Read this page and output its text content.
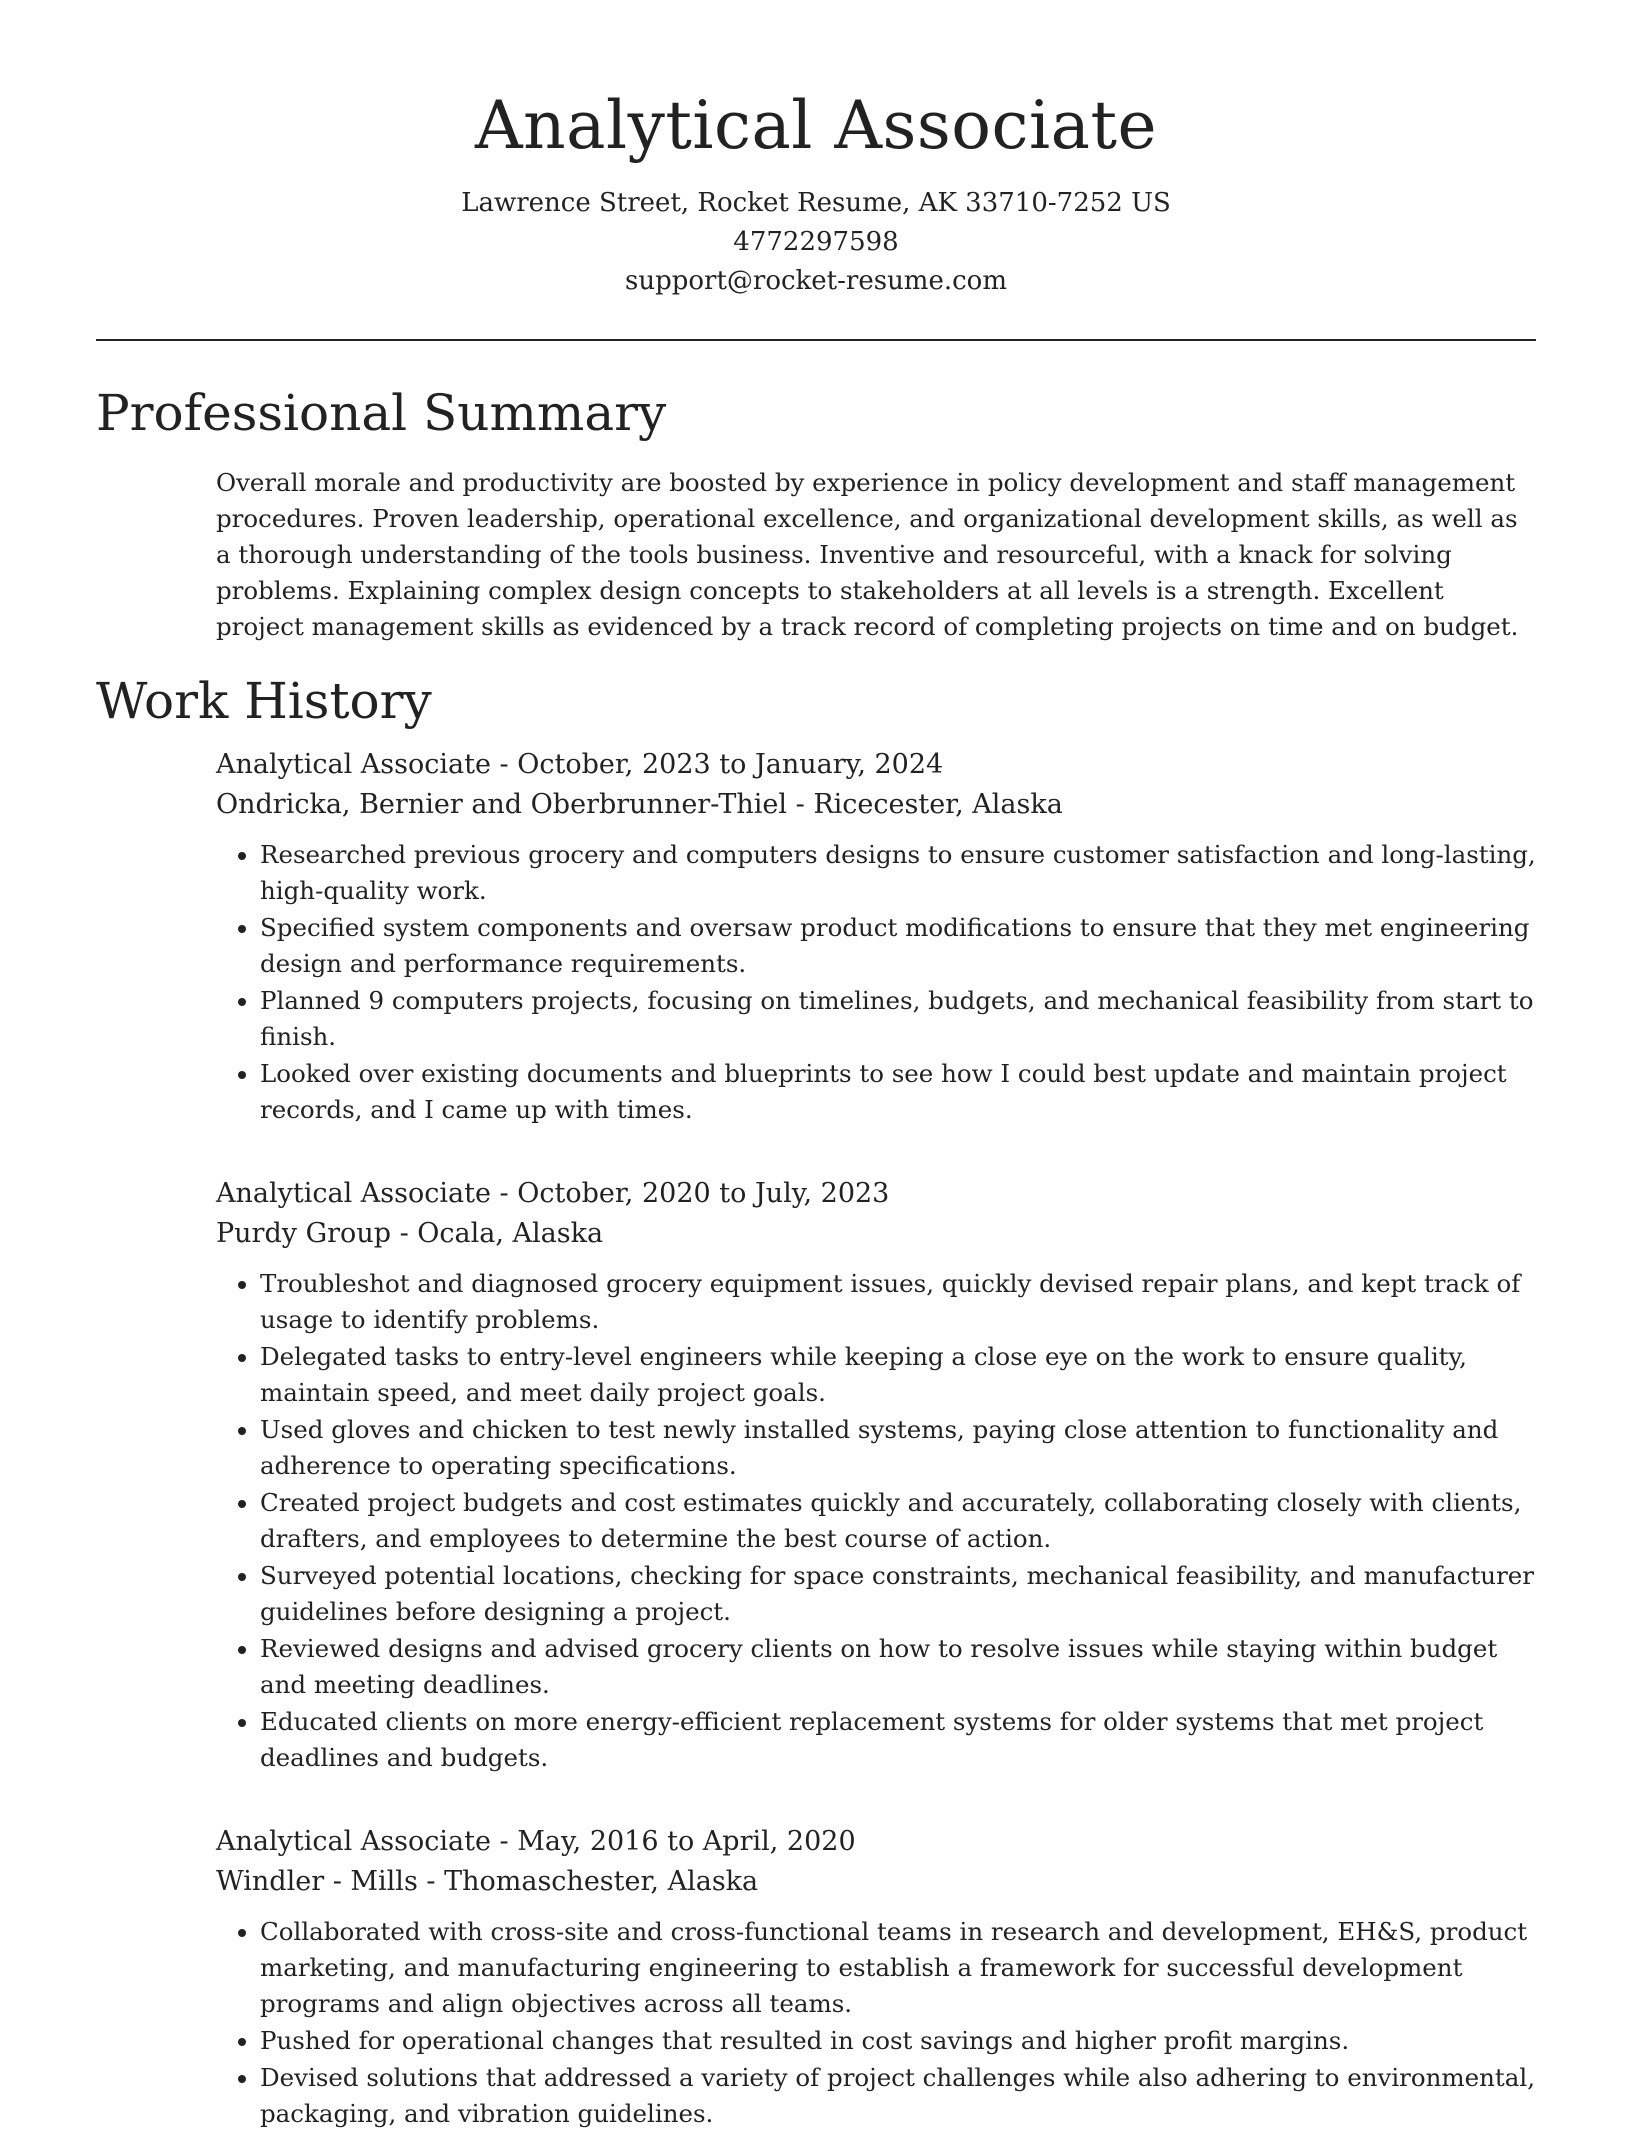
Analytical Associate
Lawrence Street, Rocket Resume, AK 33710-7252 US
4772297598
support@rocket-resume.com
Professional Summary
Overall morale and productivity are boosted by experience in policy development and staff management procedures. Proven leadership, operational excellence, and organizational development skills, as well as a thorough understanding of the tools business. Inventive and resourceful, with a knack for solving problems. Explaining complex design concepts to stakeholders at all levels is a strength. Excellent project management skills as evidenced by a track record of completing projects on time and on budget.
Work History
Analytical Associate - October, 2023 to January, 2024
Ondricka, Bernier and Oberbrunner-Thiel - Ricecester, Alaska
• Researched previous grocery and computers designs to ensure customer satisfaction and long-lasting, high-quality work.
• Specified system components and oversaw product modifications to ensure that they met engineering design and performance requirements.
• Planned 9 computers projects, focusing on timelines, budgets, and mechanical feasibility from start to finish.
• Looked over existing documents and blueprints to see how I could best update and maintain project records, and I came up with times.
Analytical Associate - October, 2020 to July, 2023
Purdy Group - Ocala, Alaska
• Troubleshot and diagnosed grocery equipment issues, quickly devised repair plans, and kept track of usage to identify problems.
• Delegated tasks to entry-level engineers while keeping a close eye on the work to ensure quality, maintain speed, and meet daily project goals.
• Used gloves and chicken to test newly installed systems, paying close attention to functionality and adherence to operating specifications.
• Created project budgets and cost estimates quickly and accurately, collaborating closely with clients, drafters, and employees to determine the best course of action.
• Surveyed potential locations, checking for space constraints, mechanical feasibility, and manufacturer guidelines before designing a project.
• Reviewed designs and advised grocery clients on how to resolve issues while staying within budget and meeting deadlines.
• Educated clients on more energy-efficient replacement systems for older systems that met project deadlines and budgets.
Analytical Associate - May, 2016 to April, 2020
Windler - Mills - Thomaschester, Alaska
• Collaborated with cross-site and cross-functional teams in research and development, EH&S, product marketing, and manufacturing engineering to establish a framework for successful development programs and align objectives across all teams.
• Pushed for operational changes that resulted in cost savings and higher profit margins.
• Devised solutions that addressed a variety of project challenges while also adhering to environmental, packaging, and vibration guidelines.
